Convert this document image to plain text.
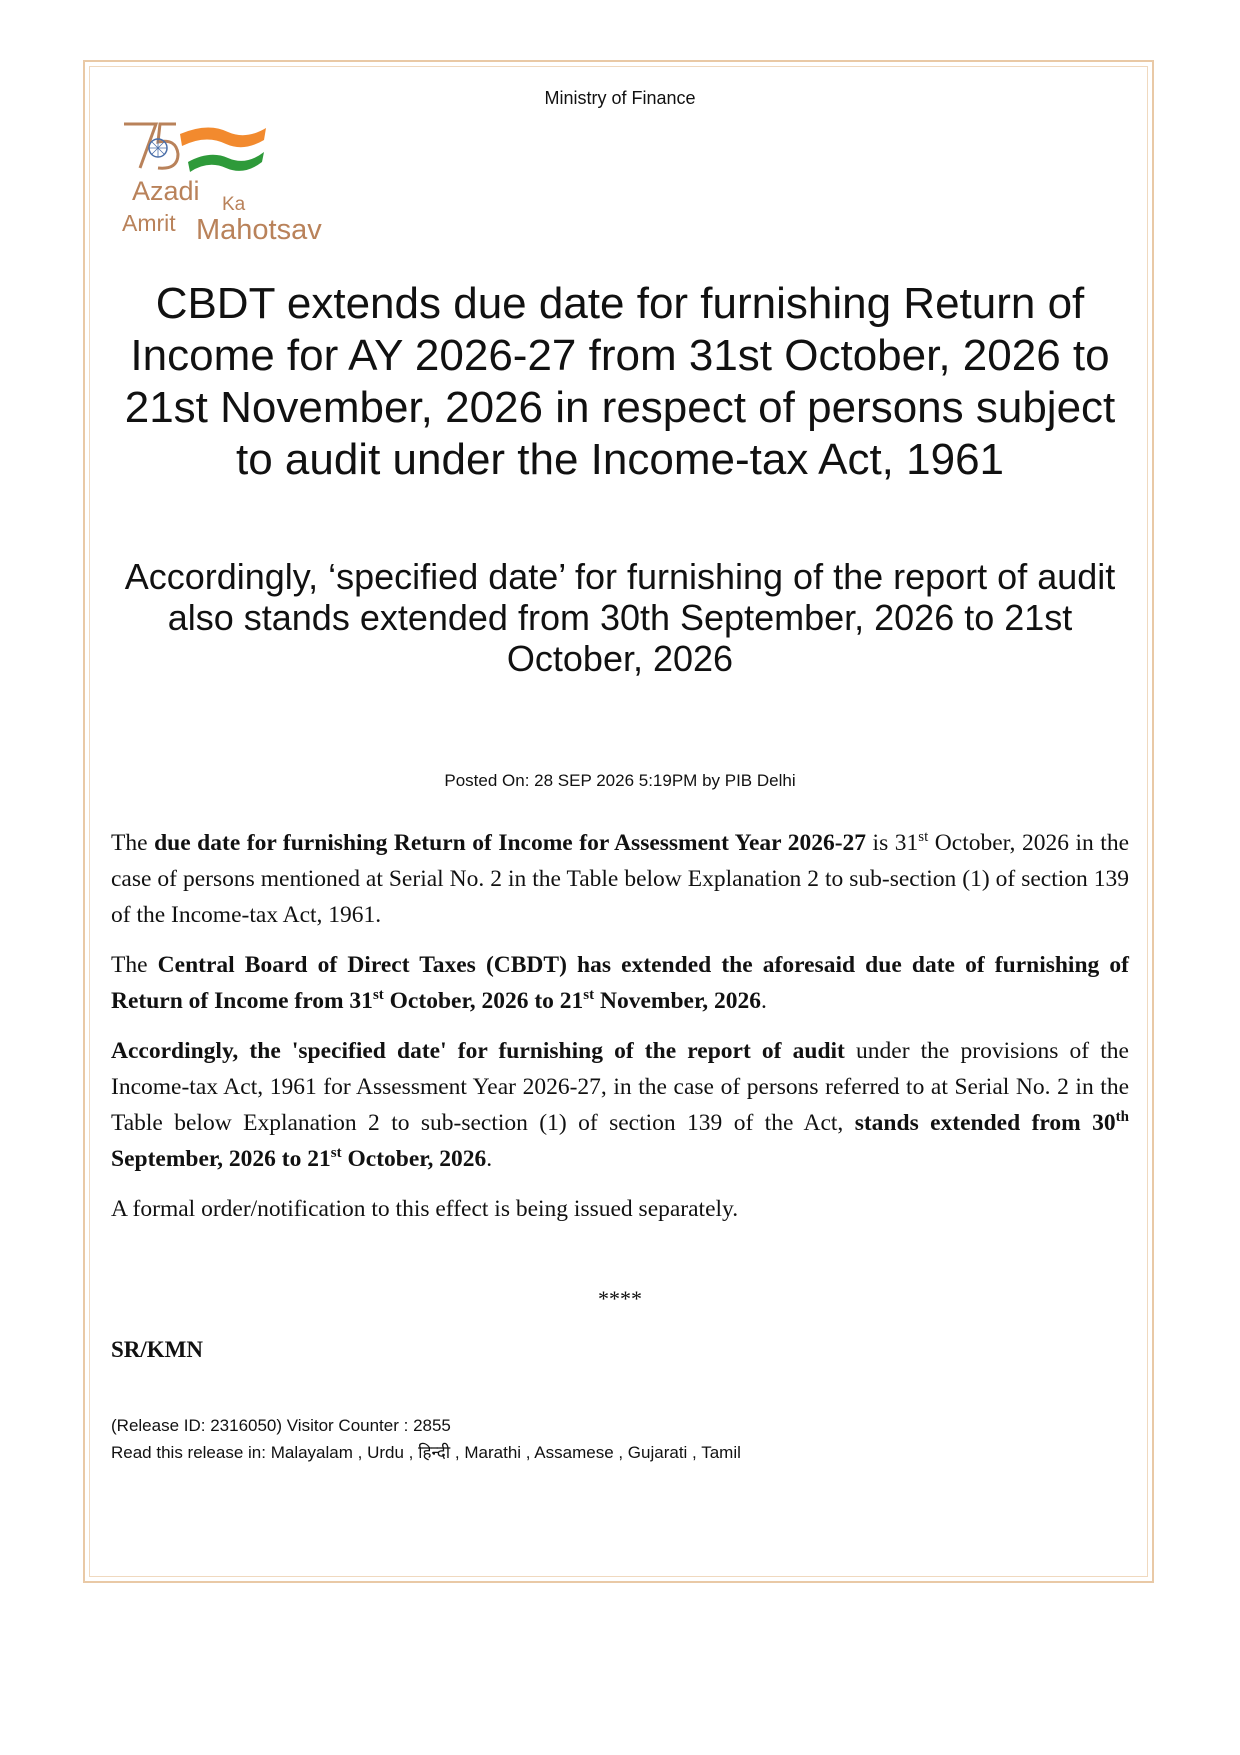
Ministry of Finance
Azadi Ka
Amrit Mahotsav
CBDT extends due date for furnishing Return of Income for AY 2026-27 from 31st October, 2026 to 21st November, 2026 in respect of persons subject to audit under the Income-tax Act, 1961
Accordingly, ‘specified date’ for furnishing of the report of audit also stands extended from 30th September, 2026 to 21st October, 2026
Posted On: 28 SEP 2026 5:19PM by PIB Delhi

The due date for furnishing Return of Income for Assessment Year 2026-27 is 31st October, 2026 in the case of persons mentioned at Serial No. 2 in the Table below Explanation 2 to sub-section (1) of section 139 of the Income-tax Act, 1961.

The Central Board of Direct Taxes (CBDT) has extended the aforesaid due date of furnishing of Return of Income from 31st October, 2026 to 21st November, 2026.

Accordingly, the 'specified date' for furnishing of the report of audit under the provisions of the Income-tax Act, 1961 for Assessment Year 2026-27, in the case of persons referred to at Serial No. 2 in the Table below Explanation 2 to sub-section (1) of section 139 of the Act, stands extended from 30th September, 2026 to 21st October, 2026.

A formal order/notification to this effect is being issued separately.

****
SR/KMN
(Release ID: 2316050) Visitor Counter : 2855
Read this release in: Malayalam , Urdu , हिन्दी , Marathi , Assamese , Gujarati , Tamil
